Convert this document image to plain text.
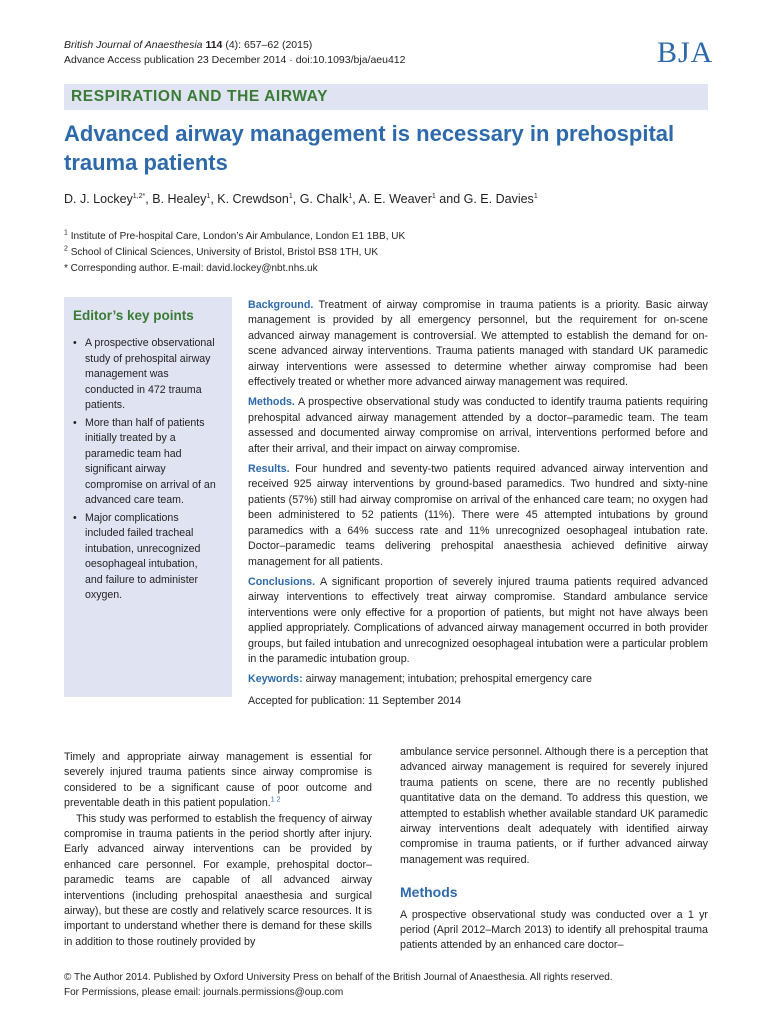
British Journal of Anaesthesia 114 (4): 657–62 (2015)
Advance Access publication 23 December 2014 · doi:10.1093/bja/aeu412	BJA
RESPIRATION AND THE AIRWAY
Advanced airway management is necessary in prehospital trauma patients
D. J. Lockey$^{1,2*}$, B. Healey$^1$, K. Crewdson$^1$, G. Chalk$^1$, A. E. Weaver$^1$ and G. E. Davies$^1$
$^1$ Institute of Pre-hospital Care, London’s Air Ambulance, London E1 1BB, UK
$^2$ School of Clinical Sciences, University of Bristol, Bristol BS8 1TH, UK
* Corresponding author. E-mail: david.lockey@nbt.nhs.uk
Editor’s key points
• A prospective observational study of prehospital airway management was conducted in 472 trauma patients.
• More than half of patients initially treated by a paramedic team had significant airway compromise on arrival of an advanced care team.
• Major complications included failed tracheal intubation, unrecognized oesophageal intubation, and failure to administer oxygen.

Background. Treatment of airway compromise in trauma patients is a priority. Basic airway management is provided by all emergency personnel, but the requirement for on-scene advanced airway management is controversial. We attempted to establish the demand for on-scene advanced airway interventions. Trauma patients managed with standard UK paramedic airway interventions were assessed to determine whether airway compromise had been effectively treated or whether more advanced airway management was required.

Methods. A prospective observational study was conducted to identify trauma patients requiring prehospital advanced airway management attended by a doctor–paramedic team. The team assessed and documented airway compromise on arrival, interventions performed before and after their arrival, and their impact on airway compromise.

Results. Four hundred and seventy-two patients required advanced airway intervention and received 925 airway interventions by ground-based paramedics. Two hundred and sixty-nine patients (57%) still had airway compromise on arrival of the enhanced care team; no oxygen had been administered to 52 patients (11%). There were 45 attempted intubations by ground paramedics with a 64% success rate and 11% unrecognized oesophageal intubation rate. Doctor–paramedic teams delivering prehospital anaesthesia achieved definitive airway management for all patients.

Conclusions. A significant proportion of severely injured trauma patients required advanced airway interventions to effectively treat airway compromise. Standard ambulance service interventions were only effective for a proportion of patients, but might not have always been applied appropriately. Complications of advanced airway management occurred in both provider groups, but failed intubation and unrecognized oesophageal intubation were a particular problem in the paramedic intubation group.

Keywords: airway management; intubation; prehospital emergency care

Accepted for publication: 11 September 2014

Timely and appropriate airway management is essential for severely injured trauma patients since airway compromise is considered to be a significant cause of poor outcome and preventable death in this patient population.$^{1 2}$

This study was performed to establish the frequency of airway compromise in trauma patients in the period shortly after injury. Early advanced airway interventions can be provided by enhanced care personnel. For example, prehospital doctor–paramedic teams are capable of all advanced airway interventions (including prehospital anaesthesia and surgical airway), but these are costly and relatively scarce resources. It is important to understand whether there is demand for these skills in addition to those routinely provided by

ambulance service personnel. Although there is a perception that advanced airway management is required for severely injured trauma patients on scene, there are no recently published quantitative data on the demand. To address this question, we attempted to establish whether available standard UK paramedic airway interventions dealt adequately with identified airway compromise in trauma patients, or if further advanced airway management was required.

Methods

A prospective observational study was conducted over a 1 yr period (April 2012–March 2013) to identify all prehospital trauma patients attended by an enhanced care doctor–

© The Author 2014. Published by Oxford University Press on behalf of the British Journal of Anaesthesia. All rights reserved.
For Permissions, please email: journals.permissions@oup.com
